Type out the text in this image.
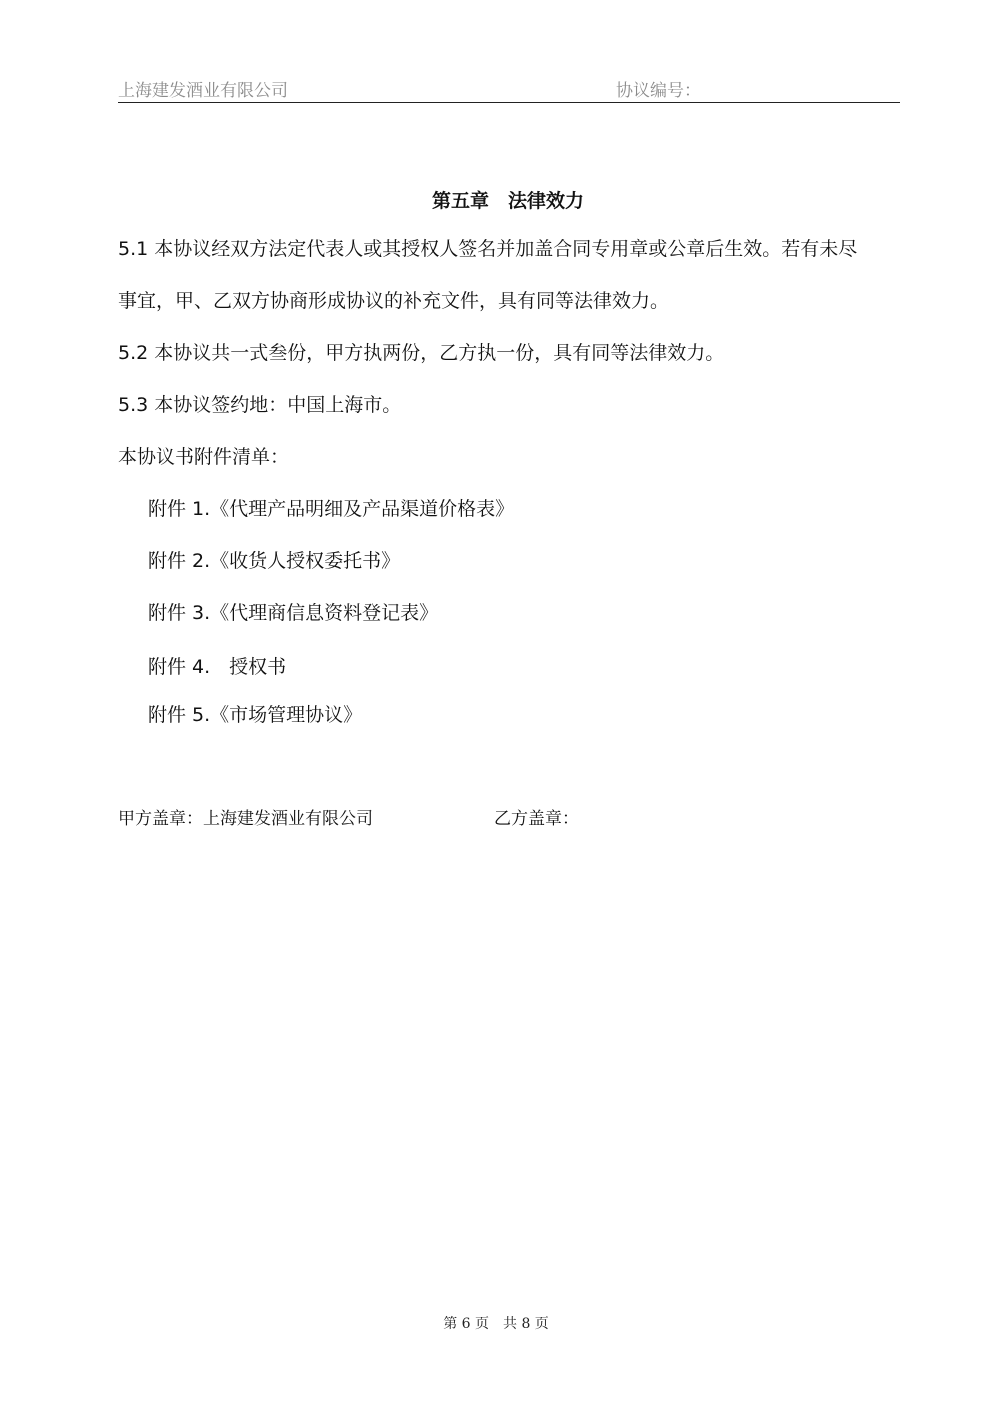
上海建发酒业有限公司	协议编号：
第五章　法律效力
5.1 本协议经双方法定代表人或其授权人签名并加盖合同专用章或公章后生效。若有未尽
事宜，甲、乙双方协商形成协议的补充文件，具有同等法律效力。
5.2 本协议共一式叁份，甲方执两份，乙方执一份，具有同等法律效力。
5.3 本协议签约地：中国上海市。
本协议书附件清单：
附件 1.《代理产品明细及产品渠道价格表》
附件 2.《收货人授权委托书》
附件 3.《代理商信息资料登记表》
附件 4.　授权书
附件 5.《市场管理协议》
甲方盖章：上海建发酒业有限公司	乙方盖章：
第 6 页　共 8 页
